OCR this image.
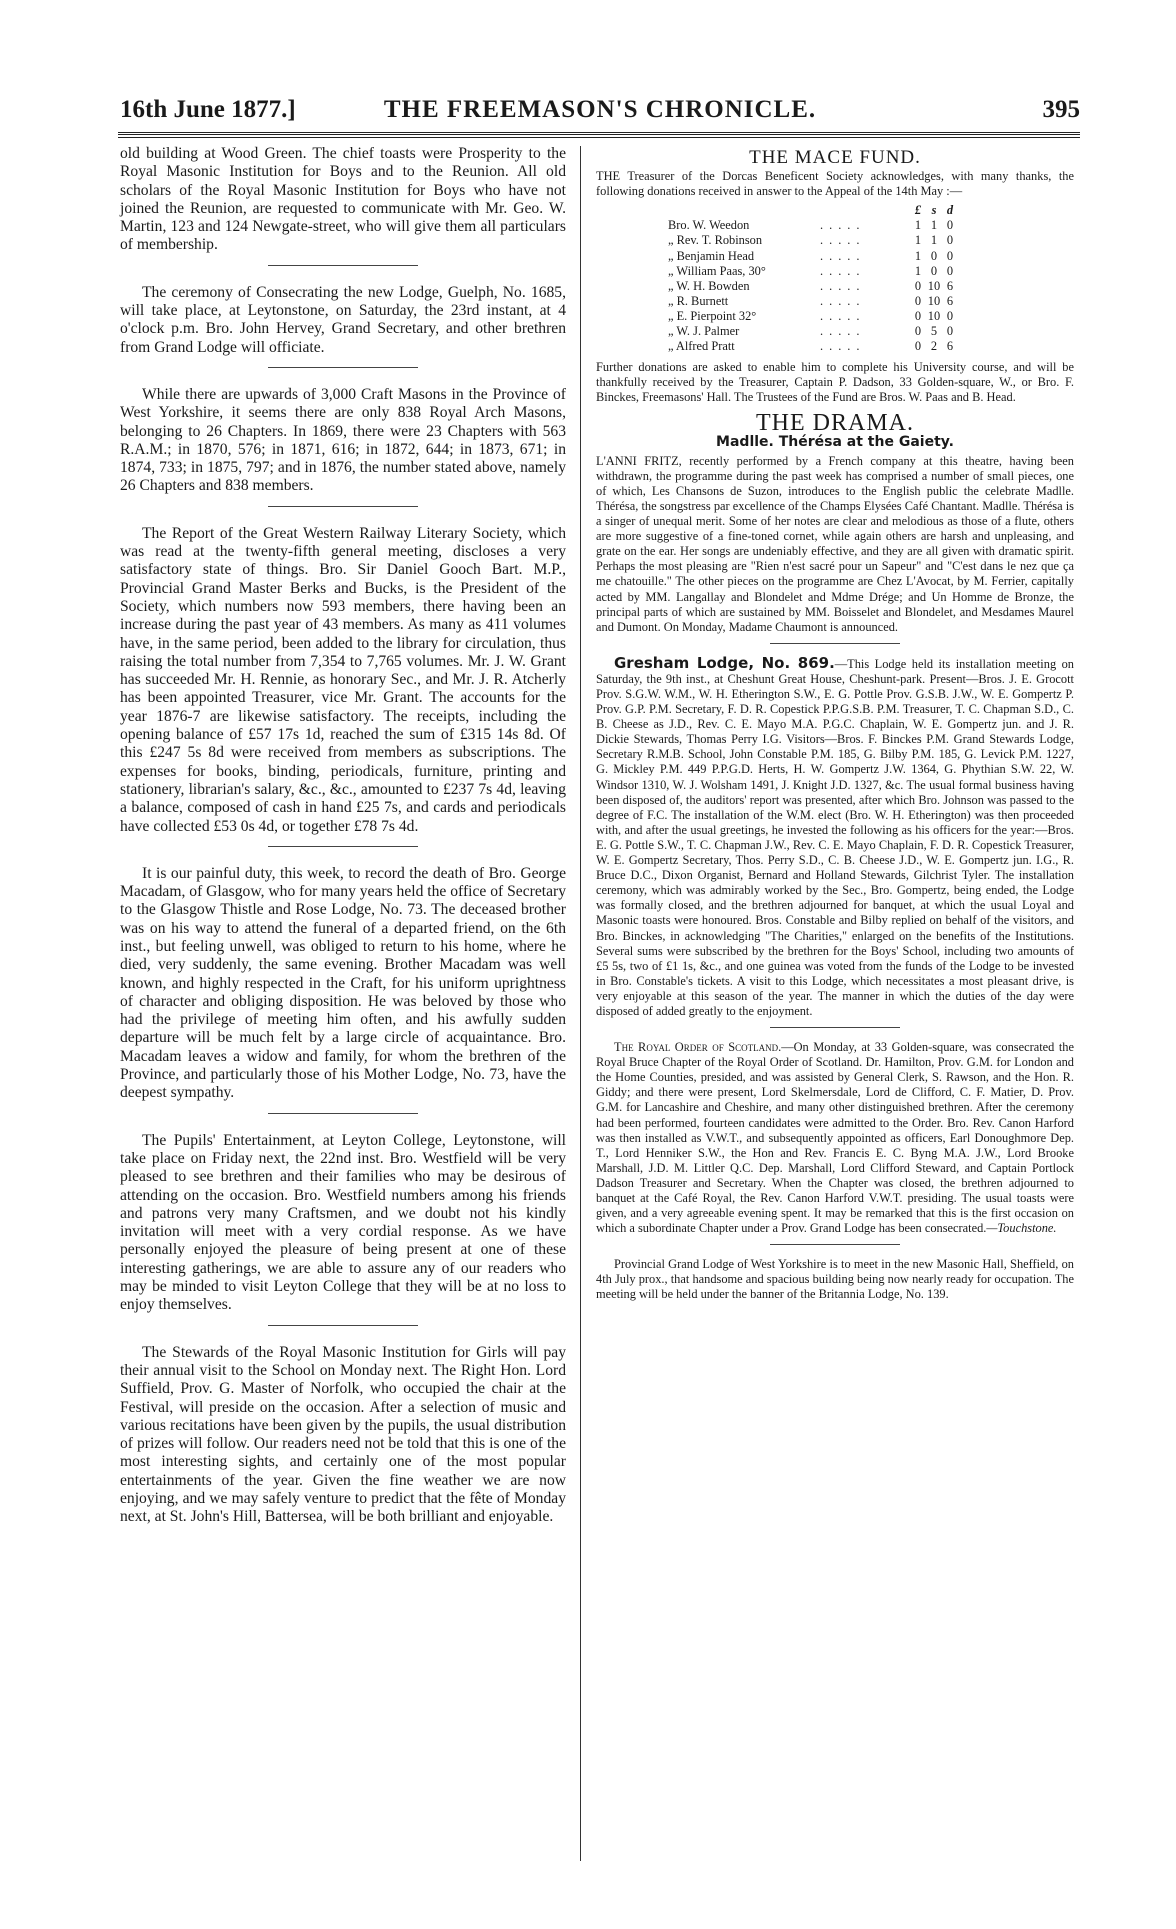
16th June 1877.]	THE FREEMASON'S CHRONICLE.	395

old building at Wood Green. The chief toasts were Prosperity to the Royal Masonic Institution for Boys and to the Reunion. All old scholars of the Royal Masonic Institution for Boys who have not joined the Reunion, are requested to communicate with Mr. Geo. W. Martin, 123 and 124 Newgate-street, who will give them all particulars of membership.

The ceremony of Consecrating the new Lodge, Guelph, No. 1685, will take place, at Leytonstone, on Saturday, the 23rd instant, at 4 o'clock p.m. Bro. John Hervey, Grand Secretary, and other brethren from Grand Lodge will officiate.

While there are upwards of 3,000 Craft Masons in the Province of West Yorkshire, it seems there are only 838 Royal Arch Masons, belonging to 26 Chapters. In 1869, there were 23 Chapters with 563 R.A.M.; in 1870, 576; in 1871, 616; in 1872, 644; in 1873, 671; in 1874, 733; in 1875, 797; and in 1876, the number stated above, namely 26 Chapters and 838 members.

The Report of the Great Western Railway Literary Society, which was read at the twenty-fifth general meeting, discloses a very satisfactory state of things. Bro. Sir Daniel Gooch Bart. M.P., Provincial Grand Master Berks and Bucks, is the President of the Society, which numbers now 593 members, there having been an increase during the past year of 43 members. As many as 411 volumes have, in the same period, been added to the library for circulation, thus raising the total number from 7,354 to 7,765 volumes. Mr. J. W. Grant has succeeded Mr. H. Rennie, as honorary Sec., and Mr. J. R. Atcherly has been appointed Treasurer, vice Mr. Grant. The accounts for the year 1876-7 are likewise satisfactory. The receipts, including the opening balance of £57 17s 1d, reached the sum of £315 14s 8d. Of this £247 5s 8d were received from members as subscriptions. The expenses for books, binding, periodicals, furniture, printing and stationery, librarian's salary, &c., &c., amounted to £237 7s 4d, leaving a balance, composed of cash in hand £25 7s, and cards and periodicals have collected £53 0s 4d, or together £78 7s 4d.

It is our painful duty, this week, to record the death of Bro. George Macadam, of Glasgow, who for many years held the office of Secretary to the Glasgow Thistle and Rose Lodge, No. 73. The deceased brother was on his way to attend the funeral of a departed friend, on the 6th inst., but feeling unwell, was obliged to return to his home, where he died, very suddenly, the same evening. Brother Macadam was well known, and highly respected in the Craft, for his uniform uprightness of character and obliging disposition. He was beloved by those who had the privilege of meeting him often, and his awfully sudden departure will be much felt by a large circle of acquaintance. Bro. Macadam leaves a widow and family, for whom the brethren of the Province, and particularly those of his Mother Lodge, No. 73, have the deepest sympathy.

The Pupils' Entertainment, at Leyton College, Leytonstone, will take place on Friday next, the 22nd inst. Bro. Westfield will be very pleased to see brethren and their families who may be desirous of attending on the occasion. Bro. Westfield numbers among his friends and patrons very many Craftsmen, and we doubt not his kindly invitation will meet with a very cordial response. As we have personally enjoyed the pleasure of being present at one of these interesting gatherings, we are able to assure any of our readers who may be minded to visit Leyton College that they will be at no loss to enjoy themselves.

The Stewards of the Royal Masonic Institution for Girls will pay their annual visit to the School on Monday next. The Right Hon. Lord Suffield, Prov. G. Master of Norfolk, who occupied the chair at the Festival, will preside on the occasion. After a selection of music and various recitations have been given by the pupils, the usual distribution of prizes will follow. Our readers need not be told that this is one of the most interesting sights, and certainly one of the most popular entertainments of the year. Given the fine weather we are now enjoying, and we may safely venture to predict that the fête of Monday next, at St. John's Hill, Battersea, will be both brilliant and enjoyable.

THE MACE FUND.

THE Treasurer of the Dorcas Beneficent Society acknowledges, with many thanks, the following donations received in answer to the Appeal of the 14th May :—

		£	s	d
Bro. W. Weedon	.....	1	1	0
„ Rev. T. Robinson	.....	1	1	0
„ Benjamin Head	.....	1	0	0
„ William Paas, 30°	.....	1	0	0
„ W. H. Bowden	.....	0	10	6
„ R. Burnett	.....	0	10	6
„ E. Pierpoint 32°	.....	0	10	0
„ W. J. Palmer	.....	0	5	0
„ Alfred Pratt	.....	0	2	6

Further donations are asked to enable him to complete his University course, and will be thankfully received by the Treasurer, Captain P. Dadson, 33 Golden-square, W., or Bro. F. Binckes, Freemasons' Hall. The Trustees of the Fund are Bros. W. Paas and B. Head.

THE DRAMA.
Madlle. Thérésa at the Gaiety.

L'ANNI FRITZ, recently performed by a French company at this theatre, having been withdrawn, the programme during the past week has comprised a number of small pieces, one of which, Les Chansons de Suzon, introduces to the English public the celebrate Madlle. Thérésa, the songstress par excellence of the Champs Elysées Café Chantant. Madlle. Thérésa is a singer of unequal merit. Some of her notes are clear and melodious as those of a flute, others are more suggestive of a fine-toned cornet, while again others are harsh and unpleasing, and grate on the ear. Her songs are undeniably effective, and they are all given with dramatic spirit. Perhaps the most pleasing are "Rien n'est sacré pour un Sapeur" and "C'est dans le nez que ça me chatouille." The other pieces on the programme are Chez L'Avocat, by M. Ferrier, capitally acted by MM. Langallay and Blondelet and Mdme Drége; and Un Homme de Bronze, the principal parts of which are sustained by MM. Boisselet and Blondelet, and Mesdames Maurel and Dumont. On Monday, Madame Chaumont is announced.

Gresham Lodge, No. 869.—This Lodge held its installation meeting on Saturday, the 9th inst., at Cheshunt Great House, Cheshunt-park. Present—Bros. J. E. Grocott Prov. S.G.W. W.M., W. H. Etherington S.W., E. G. Pottle Prov. G.S.B. J.W., W. E. Gompertz P. Prov. G.P. P.M. Secretary, F. D. R. Copestick P.P.G.S.B. P.M. Treasurer, T. C. Chapman S.D., C. B. Cheese as J.D., Rev. C. E. Mayo M.A. P.G.C. Chaplain, W. E. Gompertz jun. and J. R. Dickie Stewards, Thomas Perry I.G. Visitors—Bros. F. Binckes P.M. Grand Stewards Lodge, Secretary R.M.B. School, John Constable P.M. 185, G. Bilby P.M. 185, G. Levick P.M. 1227, G. Mickley P.M. 449 P.P.G.D. Herts, H. W. Gompertz J.W. 1364, G. Phythian S.W. 22, W. Windsor 1310, W. J. Wolsham 1491, J. Knight J.D. 1327, &c. The usual formal business having been disposed of, the auditors' report was presented, after which Bro. Johnson was passed to the degree of F.C. The installation of the W.M. elect (Bro. W. H. Etherington) was then proceeded with, and after the usual greetings, he invested the following as his officers for the year:—Bros. E. G. Pottle S.W., T. C. Chapman J.W., Rev. C. E. Mayo Chaplain, F. D. R. Copestick Treasurer, W. E. Gompertz Secretary, Thos. Perry S.D., C. B. Cheese J.D., W. E. Gompertz jun. I.G., R. Bruce D.C., Dixon Organist, Bernard and Holland Stewards, Gilchrist Tyler. The installation ceremony, which was admirably worked by the Sec., Bro. Gompertz, being ended, the Lodge was formally closed, and the brethren adjourned for banquet, at which the usual Loyal and Masonic toasts were honoured. Bros. Constable and Bilby replied on behalf of the visitors, and Bro. Binckes, in acknowledging "The Charities," enlarged on the benefits of the Institutions. Several sums were subscribed by the brethren for the Boys' School, including two amounts of £5 5s, two of £1 1s, &c., and one guinea was voted from the funds of the Lodge to be invested in Bro. Constable's tickets. A visit to this Lodge, which necessitates a most pleasant drive, is very enjoyable at this season of the year. The manner in which the duties of the day were disposed of added greatly to the enjoyment.

The Royal Order of Scotland.—On Monday, at 33 Golden-square, was consecrated the Royal Bruce Chapter of the Royal Order of Scotland. Dr. Hamilton, Prov. G.M. for London and the Home Counties, presided, and was assisted by General Clerk, S. Rawson, and the Hon. R. Giddy; and there were present, Lord Skelmersdale, Lord de Clifford, C. F. Matier, D. Prov. G.M. for Lancashire and Cheshire, and many other distinguished brethren. After the ceremony had been performed, fourteen candidates were admitted to the Order. Bro. Rev. Canon Harford was then installed as V.W.T., and subsequently appointed as officers, Earl Donoughmore Dep. T., Lord Henniker S.W., the Hon and Rev. Francis E. C. Byng M.A. J.W., Lord Brooke Marshall, J.D. M. Littler Q.C. Dep. Marshall, Lord Clifford Steward, and Captain Portlock Dadson Treasurer and Secretary. When the Chapter was closed, the brethren adjourned to banquet at the Café Royal, the Rev. Canon Harford V.W.T. presiding. The usual toasts were given, and a very agreeable evening spent. It may be remarked that this is the first occasion on which a subordinate Chapter under a Prov. Grand Lodge has been consecrated.—Touchstone.

Provincial Grand Lodge of West Yorkshire is to meet in the new Masonic Hall, Sheffield, on 4th July prox., that handsome and spacious building being now nearly ready for occupation. The meeting will be held under the banner of the Britannia Lodge, No. 139.
